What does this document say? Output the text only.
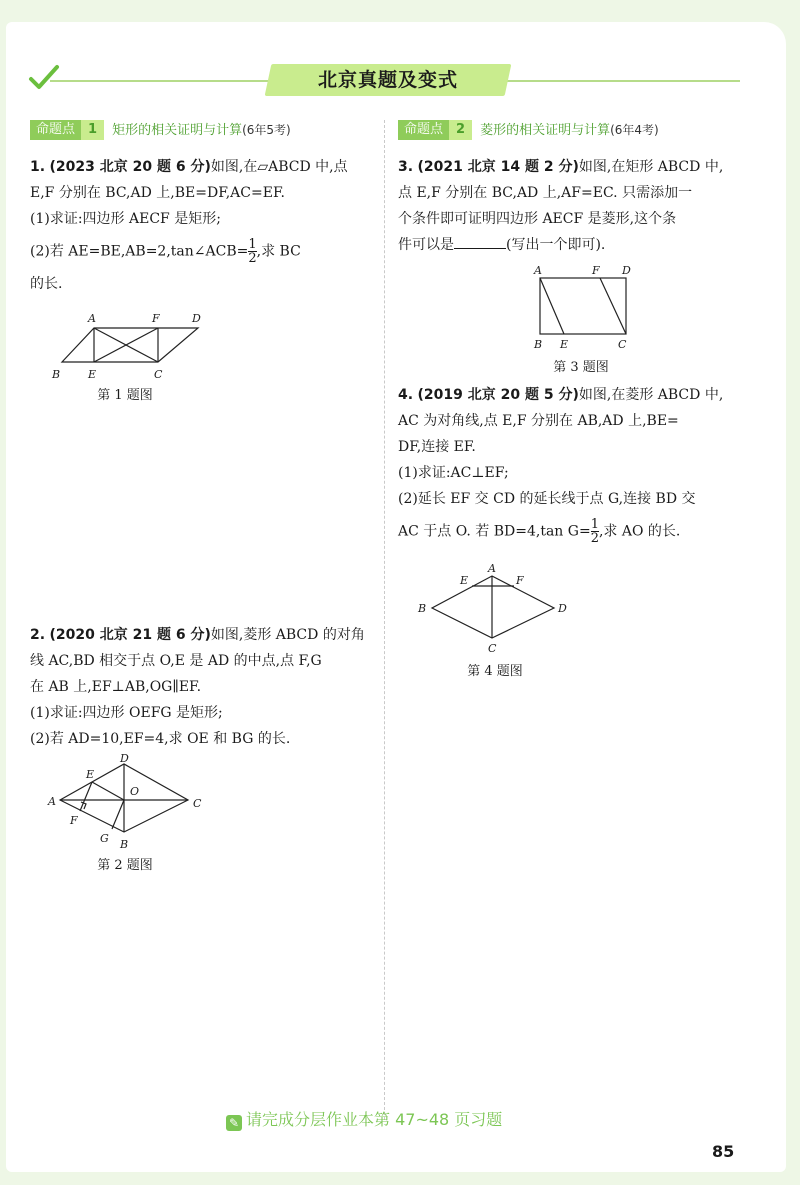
北京真题及变式
命题点 1 矩形的相关证明与计算(6年5考)	命题点 2 菱形的相关证明与计算(6年4考)

1. (2023 北京 20 题 6 分)如图,在▱ABCD 中,点

E,F 分别在 BC,AD 上,BE=DF,AC=EF.

(1)求证:四边形 AECF 是矩形;

(2)若 AE=BE,AB=2,tan∠ACB= $\frac{1}{2}$ ,求 BC

的长.

A	F	D
B	E	C
第 1 题图

2. (2020 北京 21 题 6 分)如图,菱形 ABCD 的对角

线 AC,BD 相交于点 O,E 是 AD 的中点,点 F,G

在 AB 上,EF⊥AB,OG∥EF.

(1)求证:四边形 OEFG 是矩形;

(2)若 AD=10,EF=4,求 OE 和 BG 的长.

A
B
C
D
E
F
G
O
第 2 题图

3. (2021 北京 14 题 2 分)如图,在矩形 ABCD 中,

点 E,F 分别在 BC,AD 上,AF=EC. 只需添加一

个条件即可证明四边形 AECF 是菱形,这个条

件可以是	(写出一个即可).

A	F D
B E	C
第 3 题图

4. (2019 北京 20 题 5 分)如图,在菱形 ABCD 中,

AC 为对角线,点 E,F 分别在 AB,AD 上,BE=

DF,连接 EF.

(1)求证:AC⊥EF;

(2)延长 EF 交 CD 的延长线于点 G,连接 BD 交

AC 于点 O. 若 BD=4,tan $G= \frac{1}{2}$ ,求 AO 的长.

A
B
C
D
E	F
第 4 题图
✎ 请完成分层作业本第 47~48 页习题
85
